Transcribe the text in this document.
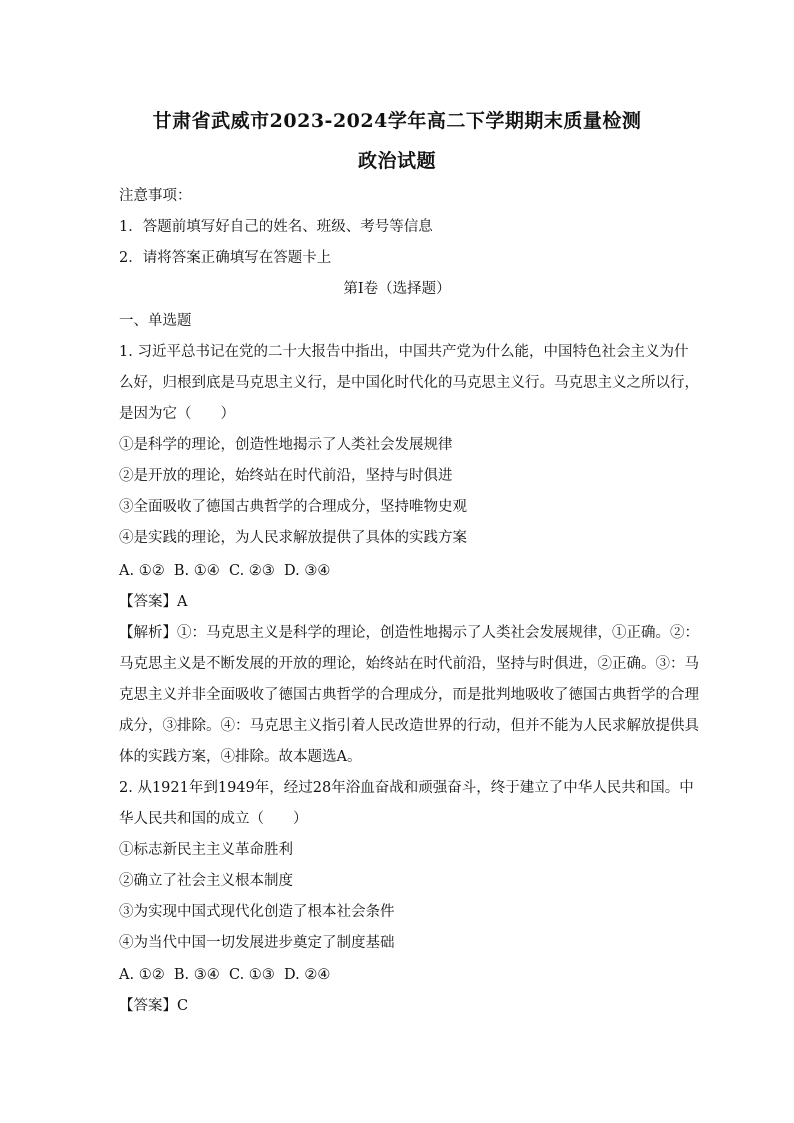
甘肃省武威市2023-2024学年高二下学期期末质量检测
政治试题
注意事项：
1．答题前填写好自己的姓名、班级、考号等信息
2．请将答案正确填写在答题卡上
第I卷（选择题）
一、单选题
1. 习近平总书记在党的二十大报告中指出，中国共产党为什么能，中国特色社会主义为什
么好，归根到底是马克思主义行，是中国化时代化的马克思主义行。马克思主义之所以行，
是因为它（　　）
①是科学的理论，创造性地揭示了人类社会发展规律
②是开放的理论，始终站在时代前沿，坚持与时俱进
③全面吸收了德国古典哲学的合理成分，坚持唯物史观
④是实践的理论，为人民求解放提供了具体的实践方案
A. ①②  B. ①④  C. ②③  D. ③④
【答案】A
【解析】①：马克思主义是科学的理论，创造性地揭示了人类社会发展规律，①正确。②：
马克思主义是不断发展的开放的理论，始终站在时代前沿，坚持与时俱进，②正确。③：马
克思主义并非全面吸收了德国古典哲学的合理成分，而是批判地吸收了德国古典哲学的合理
成分，③排除。④：马克思主义指引着人民改造世界的行动，但并不能为人民求解放提供具
体的实践方案，④排除。故本题选A。
2. 从1921年到1949年，经过28年浴血奋战和顽强奋斗，终于建立了中华人民共和国。中
华人民共和国的成立（　　）
①标志新民主主义革命胜利
②确立了社会主义根本制度
③为实现中国式现代化创造了根本社会条件
④为当代中国一切发展进步奠定了制度基础
A. ①②  B. ③④  C. ①③  D. ②④
【答案】C
